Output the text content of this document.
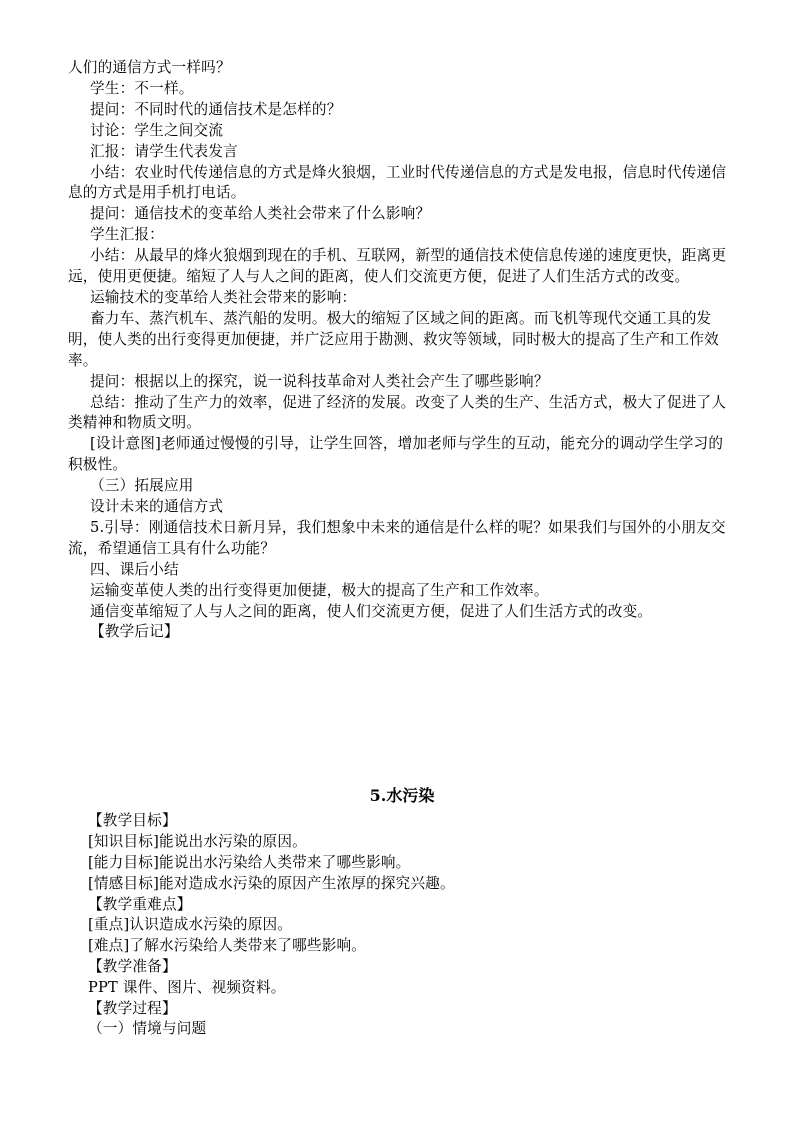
人们的通信方式一样吗？

学生：不一样。

提问：不同时代的通信技术是怎样的？

讨论：学生之间交流

汇报：请学生代表发言

小结：农业时代传递信息的方式是烽火狼烟，工业时代传递信息的方式是发电报，信息时代传递信息的方式是用手机打电话。

提问：通信技术的变革给人类社会带来了什么影响？

学生汇报：

小结：从最早的烽火狼烟到现在的手机、互联网，新型的通信技术使信息传递的速度更快，距离更远，使用更便捷。缩短了人与人之间的距离，使人们交流更方便，促进了人们生活方式的改变。

运输技术的变革给人类社会带来的影响：

畜力车、蒸汽机车、蒸汽船的发明。极大的缩短了区域之间的距离。而飞机等现代交通工具的发明，使人类的出行变得更加便捷，并广泛应用于勘测、救灾等领域，同时极大的提高了生产和工作效率。

提问：根据以上的探究，说一说科技革命对人类社会产生了哪些影响？

总结：推动了生产力的效率，促进了经济的发展。改变了人类的生产、生活方式，极大了促进了人类精神和物质文明。

[设计意图]老师通过慢慢的引导，让学生回答，增加老师与学生的互动，能充分的调动学生学习的积极性。

（三）拓展应用

设计未来的通信方式

5.引导：刚通信技术日新月异，我们想象中未来的通信是什么样的呢？如果我们与国外的小朋友交流，希望通信工具有什么功能？

四、课后小结

运输变革使人类的出行变得更加便捷，极大的提高了生产和工作效率。

通信变革缩短了人与人之间的距离，使人们交流更方便，促进了人们生活方式的改变。

【教学后记】

5.水污染

【教学目标】

[知识目标]能说出水污染的原因。

[能力目标]能说出水污染给人类带来了哪些影响。

[情感目标]能对造成水污染的原因产生浓厚的探究兴趣。

【教学重难点】

[重点]认识造成水污染的原因。

[难点]了解水污染给人类带来了哪些影响。

【教学准备】

PPT 课件、图片、视频资料。

【教学过程】

（一）情境与问题
